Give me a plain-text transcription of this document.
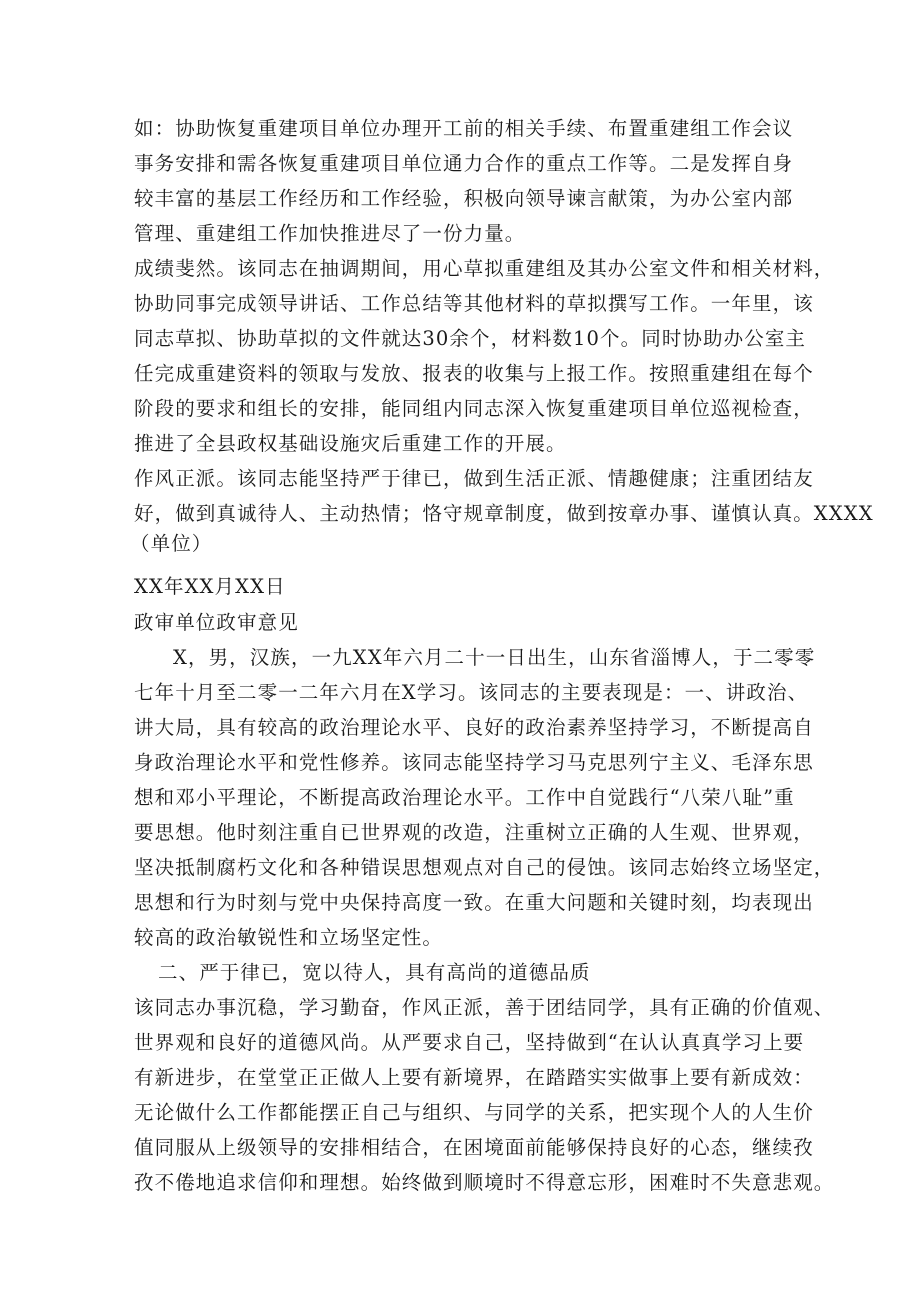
如：协助恢复重建项目单位办理开工前的相关手续、布置重建组工作会议
事务安排和需各恢复重建项目单位通力合作的重点工作等。二是发挥自身
较丰富的基层工作经历和工作经验，积极向领导谏言献策，为办公室内部
管理、重建组工作加快推进尽了一份力量。
成绩斐然。该同志在抽调期间，用心草拟重建组及其办公室文件和相关材料，
协助同事完成领导讲话、工作总结等其他材料的草拟撰写工作。一年里，该
同志草拟、协助草拟的文件就达30余个，材料数10个。同时协助办公室主
任完成重建资料的领取与发放、报表的收集与上报工作。按照重建组在每个
阶段的要求和组长的安排，能同组内同志深入恢复重建项目单位巡视检查，
推进了全县政权基础设施灾后重建工作的开展。
作风正派。该同志能坚持严于律已，做到生活正派、情趣健康；注重团结友
好，做到真诚待人、主动热情；恪守规章制度，做到按章办事、谨慎认真。XXXX
（单位）
XX年XX月XX日
政审单位政审意见
X，男，汉族，一九XX年六月二十一日出生，山东省淄博人，于二零零
七年十月至二零一二年六月在X学习。该同志的主要表现是：一、讲政治、
讲大局，具有较高的政治理论水平、良好的政治素养坚持学习，不断提高自
身政治理论水平和党性修养。该同志能坚持学习马克思列宁主义、毛泽东思
想和邓小平理论，不断提高政治理论水平。工作中自觉践行“八荣八耻”重
要思想。他时刻注重自已世界观的改造，注重树立正确的人生观、世界观，
坚决抵制腐朽文化和各种错误思想观点对自己的侵蚀。该同志始终立场坚定，
思想和行为时刻与党中央保持高度一致。在重大问题和关键时刻，均表现出
较高的政治敏锐性和立场坚定性。
二、严于律已，宽以待人，具有高尚的道德品质
该同志办事沉稳，学习勤奋，作风正派，善于团结同学，具有正确的价值观、
世界观和良好的道德风尚。从严要求自己，坚持做到“在认认真真学习上要
有新进步，在堂堂正正做人上要有新境界，在踏踏实实做事上要有新成效：
无论做什么工作都能摆正自己与组织、与同学的关系，把实现个人的人生价
值同服从上级领导的安排相结合，在困境面前能够保持良好的心态，继续孜
孜不倦地追求信仰和理想。始终做到顺境时不得意忘形，困难时不失意悲观。
